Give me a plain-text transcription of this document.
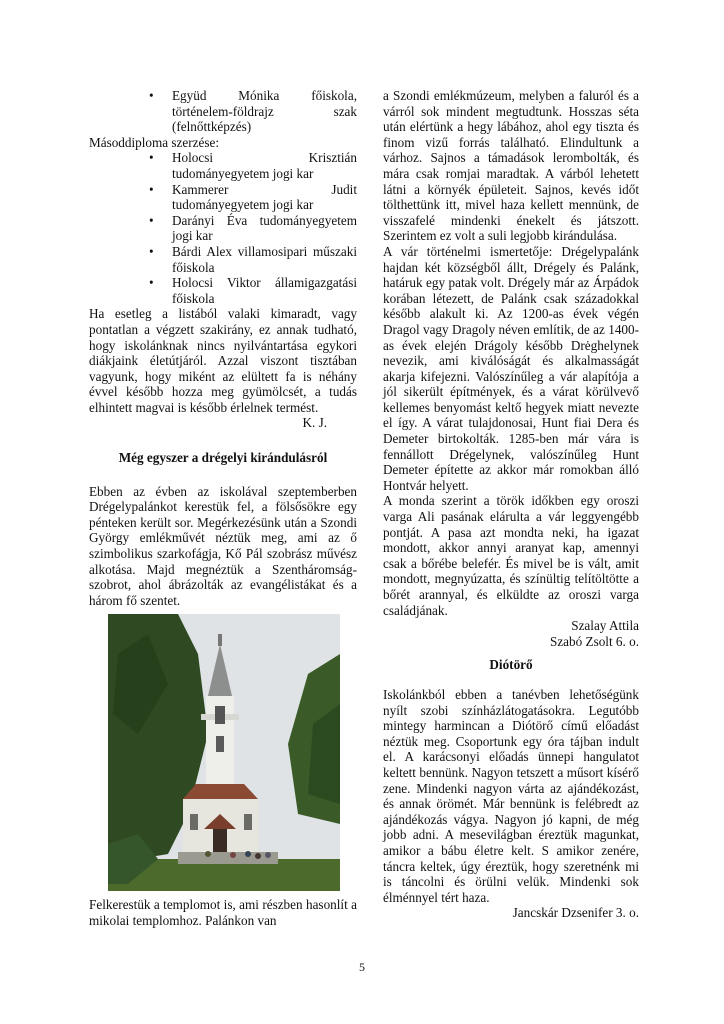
• Együd Mónika főiskola, történelem-földrajz szak (felnőttképzés)

Másoddiploma szerzése:

• Holocsi Krisztián tudományegyetem jogi kar
• Kammerer Judit tudományegyetem jogi kar
• Darányi Éva tudományegyetem jogi kar
• Bárdi Alex villamosipari műszaki főiskola
• Holocsi Viktor államigazgatási főiskola

Ha esetleg a listából valaki kimaradt, vagy pontatlan a végzett szakirány, ez annak tudható, hogy iskolánknak nincs nyilvántartása egykori diákjaink életútjáról. Azzal viszont tisztában vagyunk, hogy miként az elültett fa is néhány évvel később hozza meg gyümölcsét, a tudás elhintett magvai is később érlelnek termést.

K. J.

Még egyszer a drégelyi kirándulásról

Ebben az évben az iskolával szeptemberben Drégelypalánkot kerestük fel, a fölsősökre egy pénteken került sor. Megérkezésünk után a Szondi György emlékművét néztük meg, ami az ő szimbolikus szarkofágja, Kő Pál szobrász művész alkotása. Majd megnéztük a Szentháromság-szobrot, ahol ábrázolták az evangélistákat és a három fő szentet.

Felkerestük a templomot is, ami részben hasonlít a mikolai templomhoz. Palánkon van

a Szondi emlékmúzeum, melyben a faluról és a várról sok mindent megtudtunk. Hosszas séta után elértünk a hegy lábához, ahol egy tiszta és finom vizű forrás található. Elindultunk a várhoz. Sajnos a támadások lerombolták, és mára csak romjai maradtak. A várból lehetett látni a környék épületeit. Sajnos, kevés időt tölthettünk itt, mivel haza kellett mennünk, de visszafelé mindenki énekelt és játszott. Szerintem ez volt a suli legjobb kirándulása.

A vár történelmi ismertetője: Drégelypalánk hajdan két községből állt, Drégely és Palánk, határuk egy patak volt. Drégely már az Árpádok korában létezett, de Palánk csak századokkal később alakult ki. Az 1200-as évek végén Dragol vagy Dragoly néven említik, de az 1400-as évek elején Drágoly később Drėghelynek nevezik, ami kiválóságát és alkalmasságát akarja kifejezni. Valószínűleg a vár alapítója a jól sikerült építmények, és a várat körülvevő kellemes benyomást keltő hegyek miatt nevezte el így. A várat tulajdonosai, Hunt fiai Dera és Demeter birtokolták. 1285-ben már vára is fennállott Drégelynek, valószínűleg Hunt Demeter építette az akkor már romokban álló Hontvár helyett.

A monda szerint a török időkben egy oroszi varga Ali pasának elárulta a vár leggyengébb pontját. A pasa azt mondta neki, ha igazat mondott, akkor annyi aranyat kap, amennyi csak a bőrébe belefér. És mivel be is vált, amit mondott, megnyúzatta, és színültig telítöltötte a bőrét arannyal, és elküldte az oroszi varga családjának.

Szalay Attila

Szabó Zsolt 6. o.

Diótörő

Iskolánkból ebben a tanévben lehetőségünk nyílt szobi színházlátogatásokra. Legutóbb mintegy harmincan a Diótörő című előadást néztük meg. Csoportunk egy óra tájban indult el. A karácsonyi előadás ünnepi hangulatot keltett bennünk. Nagyon tetszett a műsort kísérő zene. Mindenki nagyon várta az ajándékozást, és annak örömét. Már bennünk is felébredt az ajándékozás vágya. Nagyon jó kapni, de még jobb adni. A mesevilágban éreztük magunkat, amikor a bábu életre kelt. S amikor zenére, táncra keltek, úgy éreztük, hogy szeretnénk mi is táncolni és örülni velük. Mindenki sok élménnyel tért haza.

Jancskár Dzsenifer 3. o.

5
